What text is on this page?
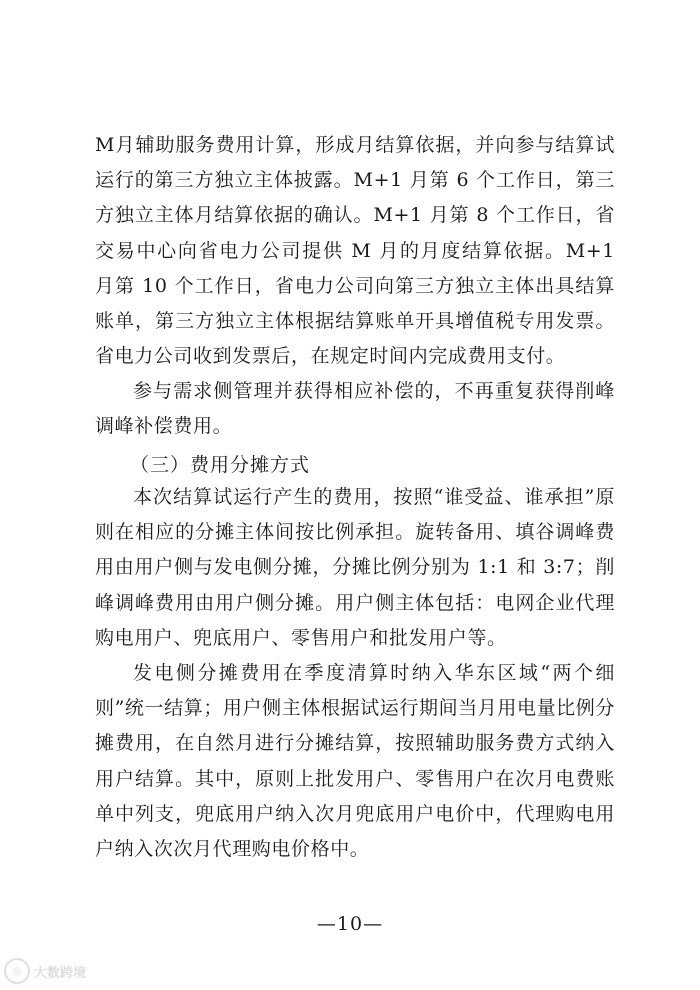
M月辅助服务费用计算，形成月结算依据，并向参与结算试运行的第三方独立主体披露。M+1 月第 6 个工作日，第三方独立主体月结算依据的确认。M+1 月第 8 个工作日，省交易中心向省电力公司提供 M 月的月度结算依据。M+1 月第 10 个工作日，省电力公司向第三方独立主体出具结算账单，第三方独立主体根据结算账单开具增值税专用发票。省电力公司收到发票后，在规定时间内完成费用支付。

参与需求侧管理并获得相应补偿的，不再重复获得削峰调峰补偿费用。

（三）费用分摊方式

本次结算试运行产生的费用，按照“谁受益、谁承担”原则在相应的分摊主体间按比例承担。旋转备用、填谷调峰费用由用户侧与发电侧分摊，分摊比例分别为 1:1 和 3:7；削峰调峰费用由用户侧分摊。用户侧主体包括：电网企业代理购电用户、兜底用户、零售用户和批发用户等。

发电侧分摊费用在季度清算时纳入华东区域“两个细则”统一结算；用户侧主体根据试运行期间当月用电量比例分摊费用，在自然月进行分摊结算，按照辅助服务费方式纳入用户结算。其中，原则上批发用户、零售用户在次月电费账单中列支，兜底用户纳入次月兜底用户电价中，代理购电用户纳入次次月代理购电价格中。

—10—
◎ 大数跨境
